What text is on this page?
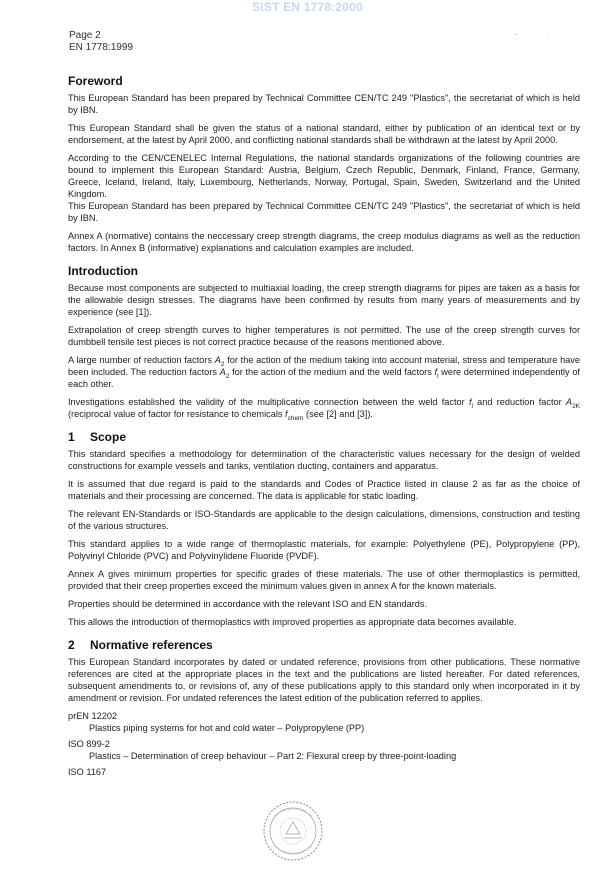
SIST EN 1778:2000
Page 2
EN 1778:1999
·	˙
Foreword

This European Standard has been prepared by Technical Committee CEN/TC 249 "Plastics", the secretariat of which is held by IBN.

This European Standard shall be given the status of a national standard, either by publication of an identical text or by endorsement, at the latest by April 2000, and conflicting national standards shall be withdrawn at the latest by April 2000.

According to the CEN/CENELEC Internal Regulations, the national standards organizations of the following countries are bound to implement this European Standard: Austria, Belgium, Czech Republic, Denmark, Finland, France, Germany, Greece, Iceland, Ireland, Italy, Luxembourg, Netherlands, Norway, Portugal, Spain, Sweden, Switzerland and the United Kingdom.

This European Standard has been prepared by Technical Committee CEN/TC 249 "Plastics", the secretariat of which is held by IBN.

Annex A (normative) contains the neccessary creep strength diagrams, the creep modulus diagrams as well as the reduction factors. In Annex B (informative) explanations and calculation examples are included.

Introduction

Because most components are subjected to multiaxial loading, the creep strength diagrams for pipes are taken as a basis for the allowable design stresses. The diagrams have been confirmed by results from many years of measurements and by experience (see [1]).

Extrapolation of creep strength curves to higher temperatures is not permitted. The use of the creep strength curves for dumbbell tensile test pieces is not correct practice because of the reasons mentioned above.

A large number of reduction factors $A_2$ for the action of the medium taking into account material, stress and temperature have been included. The reduction factors $A_2$ for the action of the medium and the weld factors $f_l$ were determined independently of each other.

Investigations established the validity of the multiplicative connection between the weld factor $f_l$ and reduction factor $A_{2K}$ (reciprocal value of factor for resistance to chemicals $f_{chem}$ (see [2] and [3]).

1 Scope

This standard specifies a methodology for determination of the characteristic values necessary for the design of welded constructions for example vessels and tanks, ventilation ducting, containers and apparatus.

It is assumed that due regard is paid to the standards and Codes of Practice listed in clause 2 as far as the choice of materials and their processing are concerned. The data is applicable for static loading.

The relevant EN-Standards or ISO-Standards are applicable to the design calculations, dimensions, construction and testing of the various structures.

This standard applies to a wide range of thermoplastic materials, for example: Polyethylene (PE), Polypropylene (PP), Polyvinyl Chloride (PVC) and Polyvinylidene Fluoride (PVDF).

Annex A gives minimum properties for specific grades of these materials. The use of other thermoplastics is permitted, provided that their creep properties exceed the minimum values given in annex A for the known materials.

Properties should be determined in accordance with the relevant ISO and EN standards.

This allows the introduction of thermoplastics with improved properties as appropriate data becomes available.

2 Normative references

This European Standard incorporates by dated or undated reference, provisions from other publications. These normative references are cited at the appropriate places in the text and the publications are listed hereafter. For dated references, subsequent amendments to, or revisions of, any of these publications apply to this standard only when incorporated in it by amendment or revision. For undated references the latest edition of the publication referred to applies.

prEN 12202

Plastics piping systems for hot and cold water – Polypropylene (PP)

ISO 899-2

Plastics – Determination of creep behaviour – Part 2: Flexural creep by three-point-loading

ISO 1167
